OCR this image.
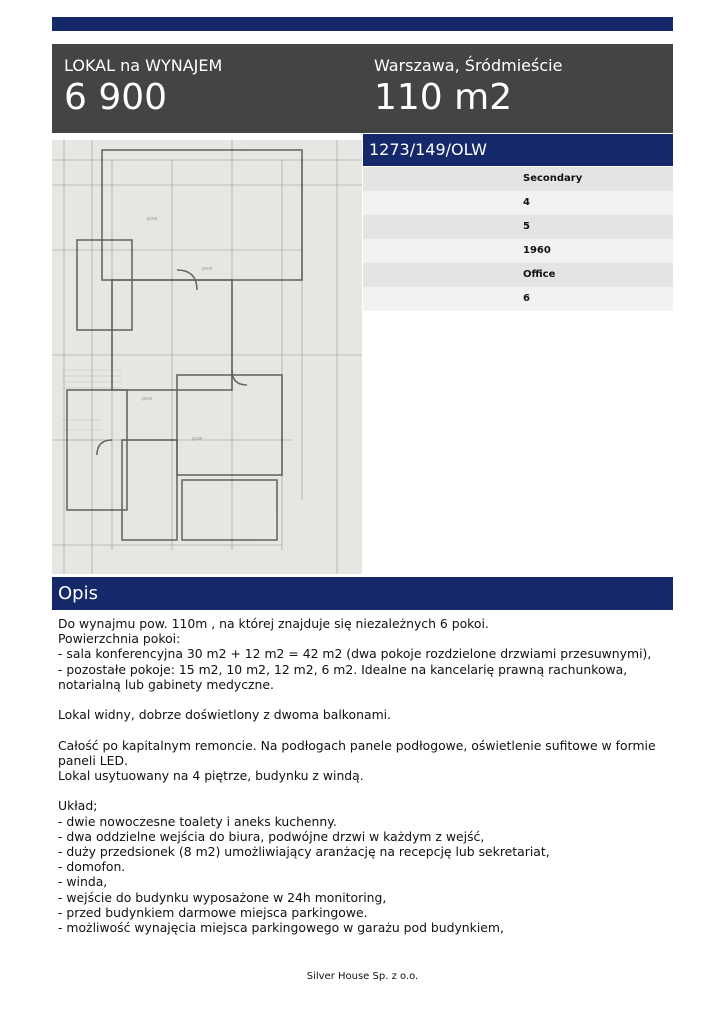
LOKAL na WYNAJEM
6 900
Warszawa, Śródmieście
110 m2
pow
pow
pow
pow
1273/149/OLW
Secondary
4
5
1960
Office
6
Opis

Do wynajmu pow. 110m , na której znajduje się niezależnych 6 pokoi.

Powierzchnia pokoi:

- sala konferencyjna 30 m2 + 12 m2 = 42 m2 (dwa pokoje rozdzielone drzwiami przesuwnymi),

- pozostałe pokoje: 15 m2, 10 m2, 12 m2, 6 m2. Idealne na kancelarię prawną rachunkowa,

notarialną lub gabinety medyczne.

Lokal widny, dobrze doświetlony z dwoma balkonami.

Całość po kapitalnym remoncie. Na podłogach panele podłogowe, oświetlenie sufitowe w formie

paneli LED.

Lokal usytuowany na 4 piętrze, budynku z windą.

Układ;

- dwie nowoczesne toalety i aneks kuchenny.

- dwa oddzielne wejścia do biura, podwójne drzwi w każdym z wejść,

- duży przedsionek (8 m2) umożliwiający aranżację na recepcję lub sekretariat,

- domofon.

- winda,

- wejście do budynku wyposażone w 24h monitoring,

- przed budynkiem darmowe miejsca parkingowe.

- możliwość wynajęcia miejsca parkingowego w garażu pod budynkiem,

Silver House Sp. z o.o.
